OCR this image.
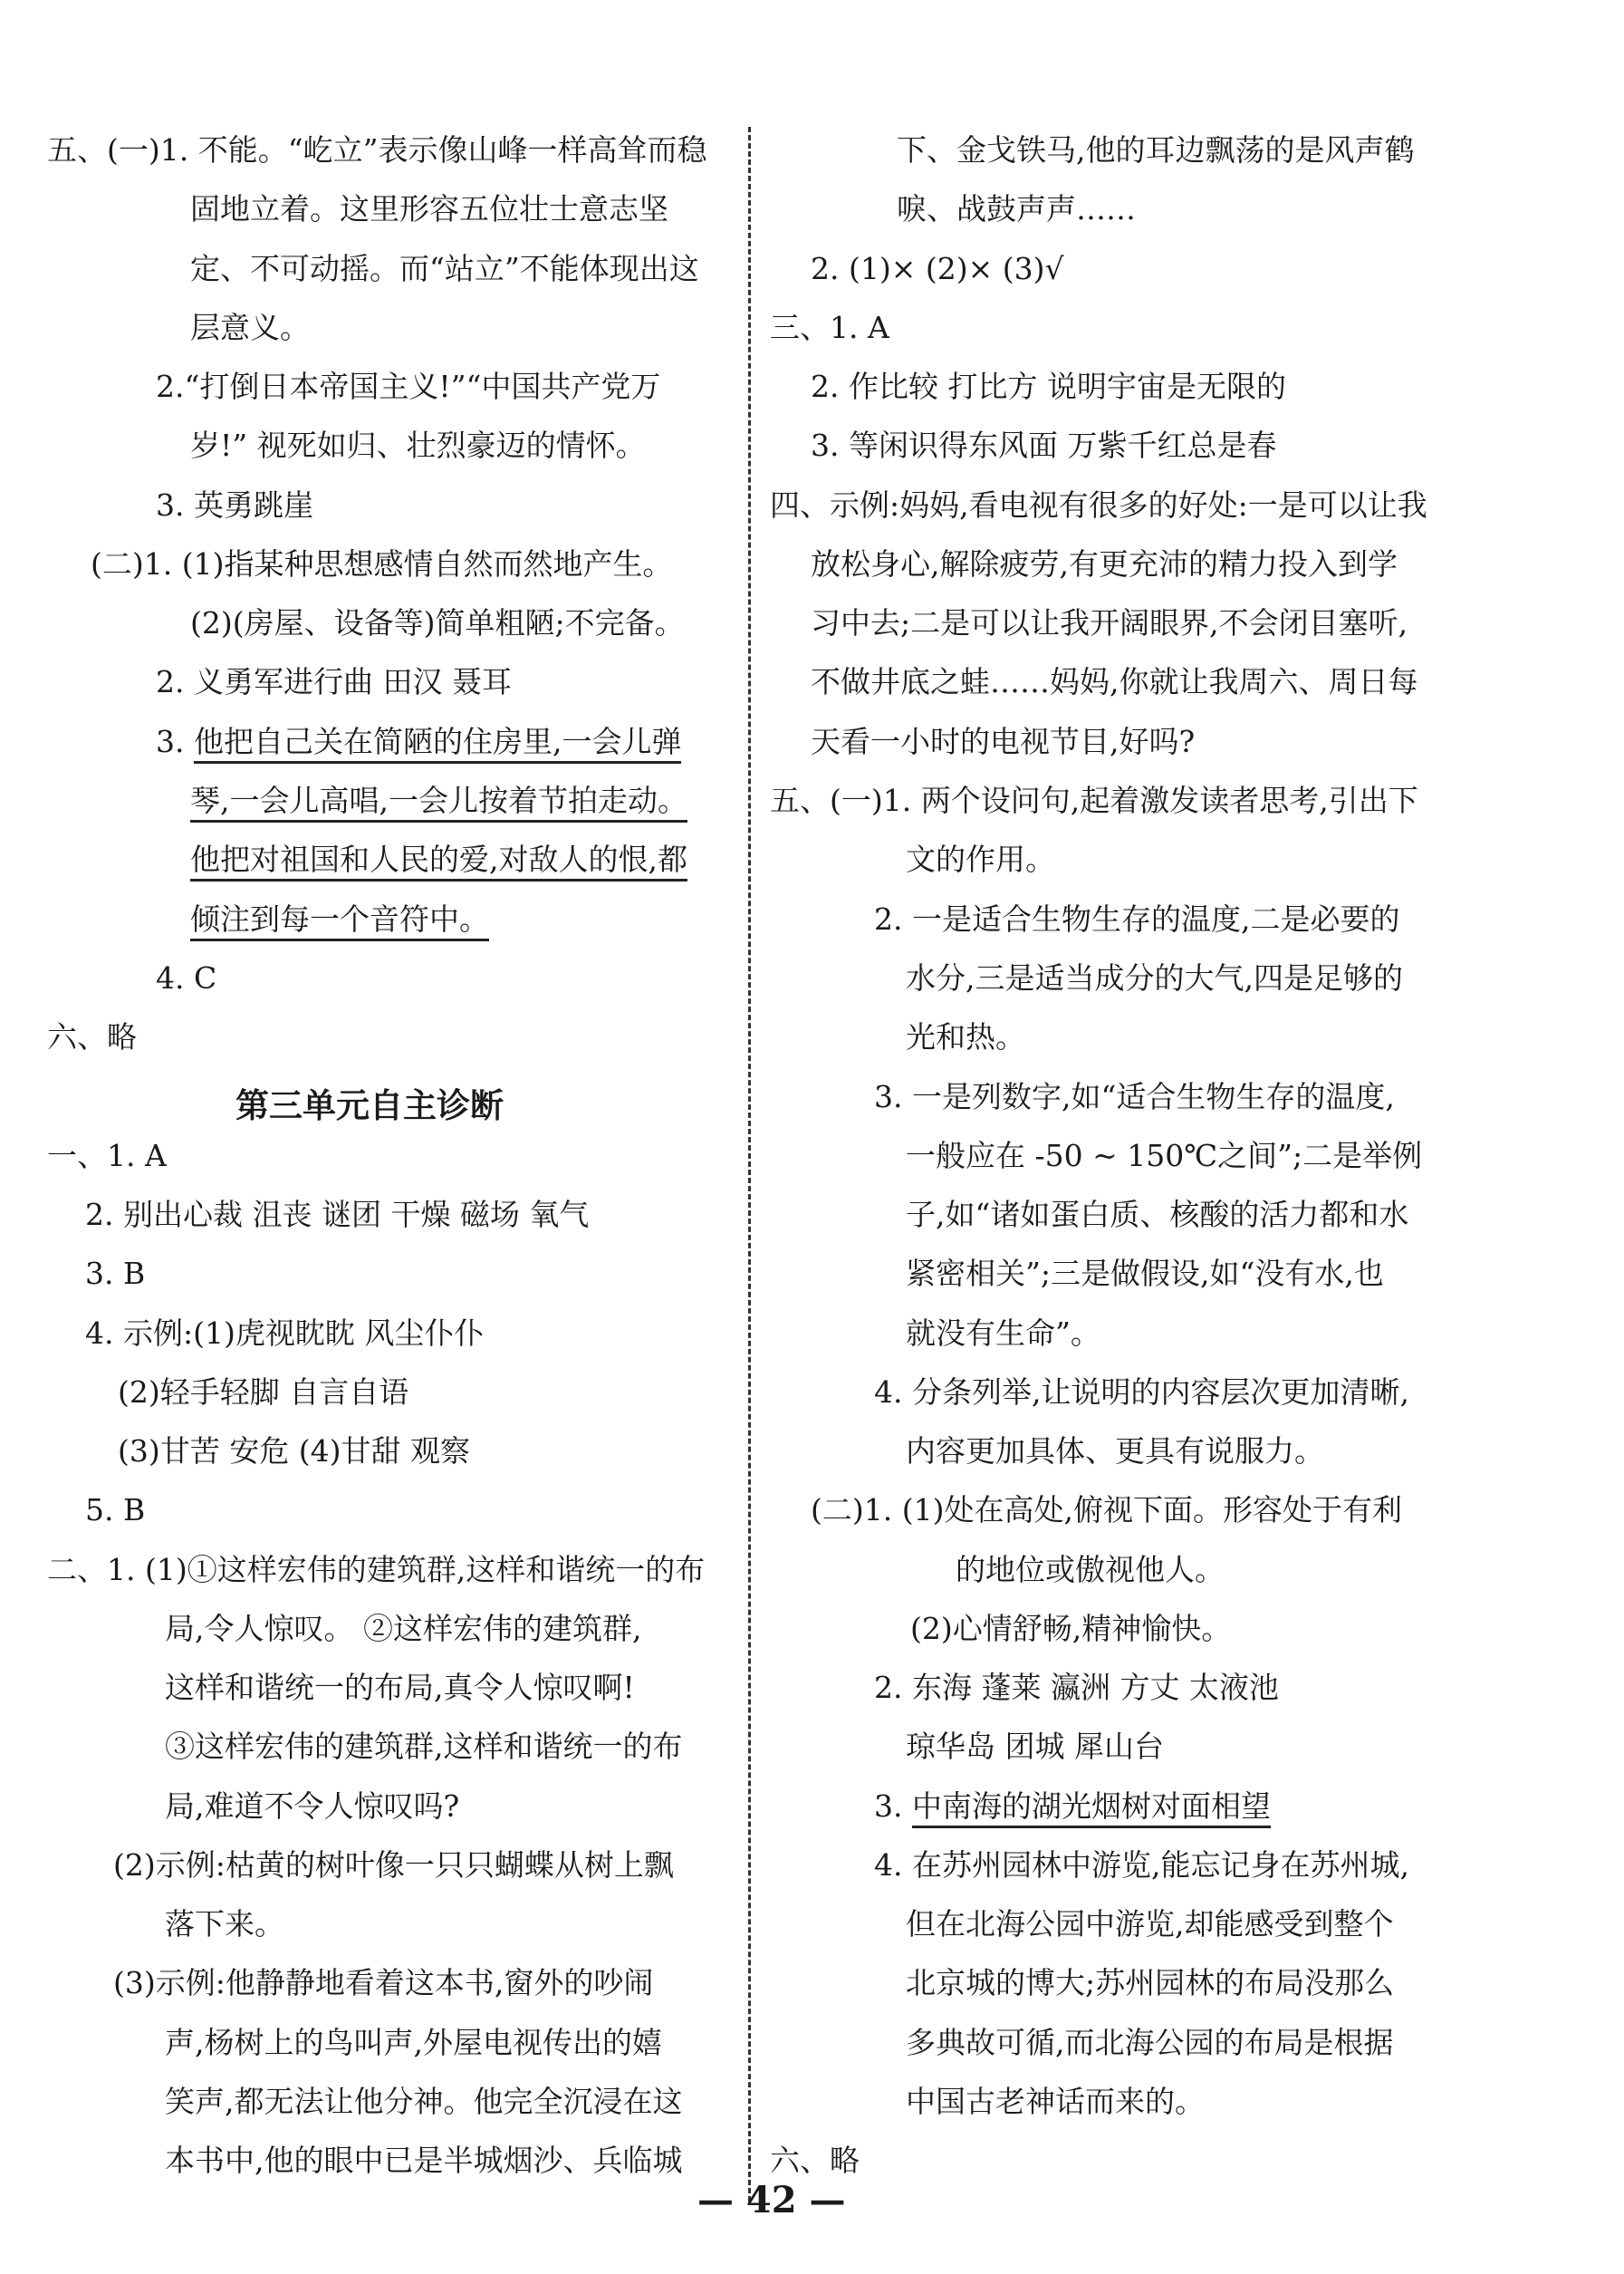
五、(一)1. 不能。“屹立”表示像山峰一样高耸而稳
固地立着。这里形容五位壮士意志坚
定、不可动摇。而“站立”不能体现出这
层意义。
2.“打倒日本帝国主义!”“中国共产党万
岁!” 视死如归、壮烈豪迈的情怀。
3. 英勇跳崖
(二)1. (1)指某种思想感情自然而然地产生。
(2)(房屋、设备等)简单粗陋;不完备。
2. 义勇军进行曲 田汉 聂耳
3. 他把自己关在简陋的住房里,一会儿弹
琴,一会儿高唱,一会儿按着节拍走动。
他把对祖国和人民的爱,对敌人的恨,都
倾注到每一个音符中。
4. C
六、略
第三单元自主诊断
一、1. A
2. 别出心裁 沮丧 谜团 干燥 磁场 氧气
3. B
4. 示例:(1)虎视眈眈 风尘仆仆
(2)轻手轻脚 自言自语
(3)甘苦 安危 (4)甘甜 观察
5. B
二、1. (1)①这样宏伟的建筑群,这样和谐统一的布
局,令人惊叹。 ②这样宏伟的建筑群,
这样和谐统一的布局,真令人惊叹啊!
③这样宏伟的建筑群,这样和谐统一的布
局,难道不令人惊叹吗?
(2)示例:枯黄的树叶像一只只蝴蝶从树上飘
落下来。
(3)示例:他静静地看着这本书,窗外的吵闹
声,杨树上的鸟叫声,外屋电视传出的嬉
笑声,都无法让他分神。他完全沉浸在这
本书中,他的眼中已是半城烟沙、兵临城
下、金戈铁马,他的耳边飘荡的是风声鹤
唳、战鼓声声……
2. (1)× (2)× (3)√
三、1. A
2. 作比较 打比方 说明宇宙是无限的
3. 等闲识得东风面 万紫千红总是春
四、示例:妈妈,看电视有很多的好处:一是可以让我
放松身心,解除疲劳,有更充沛的精力投入到学
习中去;二是可以让我开阔眼界,不会闭目塞听,
不做井底之蛙……妈妈,你就让我周六、周日每
天看一小时的电视节目,好吗?
五、(一)1. 两个设问句,起着激发读者思考,引出下
文的作用。
2. 一是适合生物生存的温度,二是必要的
水分,三是适当成分的大气,四是足够的
光和热。
3. 一是列数字,如“适合生物生存的温度,
一般应在 -50 ~ 150℃之间”;二是举例
子,如“诸如蛋白质、核酸的活力都和水
紧密相关”;三是做假设,如“没有水,也
就没有生命”。
4. 分条列举,让说明的内容层次更加清晰,
内容更加具体、更具有说服力。
(二)1. (1)处在高处,俯视下面。形容处于有利
的地位或傲视他人。
(2)心情舒畅,精神愉快。
2. 东海 蓬莱 瀛洲 方丈 太液池
琼华岛 团城 犀山台
3. 中南海的湖光烟树对面相望
4. 在苏州园林中游览,能忘记身在苏州城,
但在北海公园中游览,却能感受到整个
北京城的博大;苏州园林的布局没那么
多典故可循,而北海公园的布局是根据
中国古老神话而来的。
六、略
— 42 —
